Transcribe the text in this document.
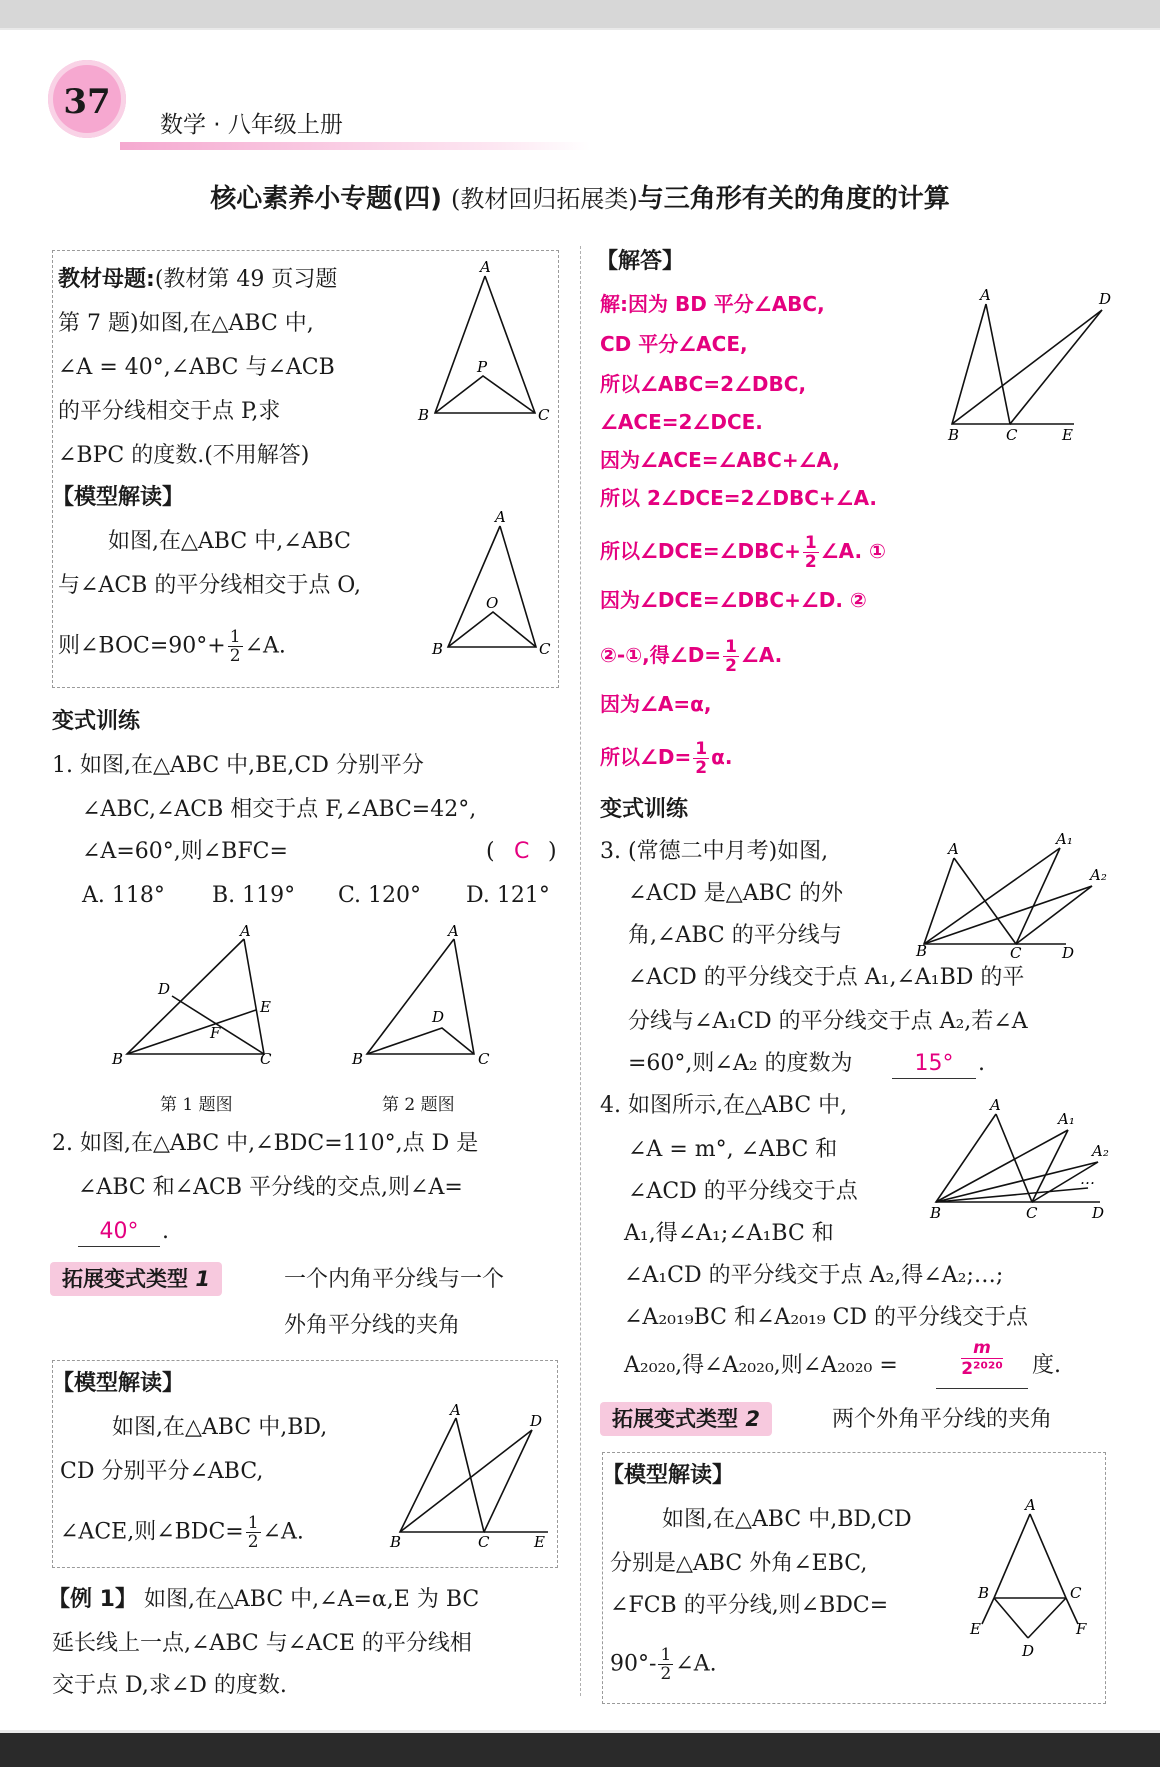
37
数学 · 八年级上册
核心素养小专题(四) (教材回归拓展类)与三角形有关的角度的计算
教材母题:(教材第 49 页习题
第 7 题)如图,在△ABC 中,
∠A = 40°,∠ABC 与∠ACB
的平分线相交于点 P,求
∠BPC 的度数.(不用解答)
A
B	C
P
【模型解读】
如图,在△ABC 中,∠ABC
与∠ACB 的平分线相交于点 O,
则∠BOC=90°+ $\frac{1}{2}$ ∠A.
A
B	C
O
变式训练
1. 如图,在△ABC 中,BE,CD 分别平分
∠ABC,∠ACB 相交于点 F,∠ABC=42°,
∠A=60°,则∠BFC=	( C )
A. 118° B. 119° C. 120° D. 121°
A
B	C
D
E
F
第 1 题图
A
B	C
D
第 2 题图
2. 如图,在△ABC 中,∠BDC=110°,点 D 是
∠ABC 和∠ACB 平分线的交点,则∠A=
40°	.
拓展变式类型 1	一个内角平分线与一个
外角平分线的夹角
【模型解读】
如图,在△ABC 中,BD,
CD 分别平分∠ABC,
∠ACE,则∠BDC= $\frac{1}{2}$ ∠A.
A
B	C
D
E
【例 1】 如图,在△ABC 中,∠A=α,E 为 BC
延长线上一点,∠ABC 与∠ACE 的平分线相
交于点 D,求∠D 的度数.
【解答】
解:因为 BD 平分∠ABC,
CD 平分∠ACE,
所以∠ABC=2∠DBC,
∠ACE=2∠DCE.
因为∠ACE=∠ABC+∠A,
所以 2∠DCE=2∠DBC+∠A.
所以∠DCE=∠DBC+ $\frac{1}{2}$ ∠A. ①
因为∠DCE=∠DBC+∠D. ②
②-①,得∠D= $\frac{1}{2}$ ∠A.
因为∠A=α,
所以∠D= $\frac{1}{2} \alpha$.
A
B	C
D
E
变式训练
3. (常德二中月考)如图,
∠ACD 是△ABC 的外
角,∠ABC 的平分线与
∠ACD 的平分线交于点 A₁,∠A₁BD 的平
分线与∠A₁CD 的平分线交于点 A₂,若∠A
=60°,则∠A₂ 的度数为	15°	.
A
B	C	D
A₁
A₂
4. 如图所示,在△ABC 中,
∠A = m°, ∠ABC 和
∠ACD 的平分线交于点
A₁,得∠A₁;∠A₁BC 和
∠A₁CD 的平分线交于点 A₂,得∠A₂;…;
∠A₂₀₁₉BC 和∠A₂₀₁₉ CD 的平分线交于点
A₂₀₂₀,得∠A₂₀₂₀,则∠A₂₀₂₀ =	$\frac{m}{\text{2²⁰²⁰}}$ 度.
A
B	C	D
A₁
A₂
…
拓展变式类型 2	两个外角平分线的夹角
【模型解读】
如图,在△ABC 中,BD,CD
分别是△ABC 外角∠EBC,
∠FCB 的平分线,则∠BDC=
$90^\circ- \frac{1}{2}$ ∠A.
A
B	C
D
E	F
